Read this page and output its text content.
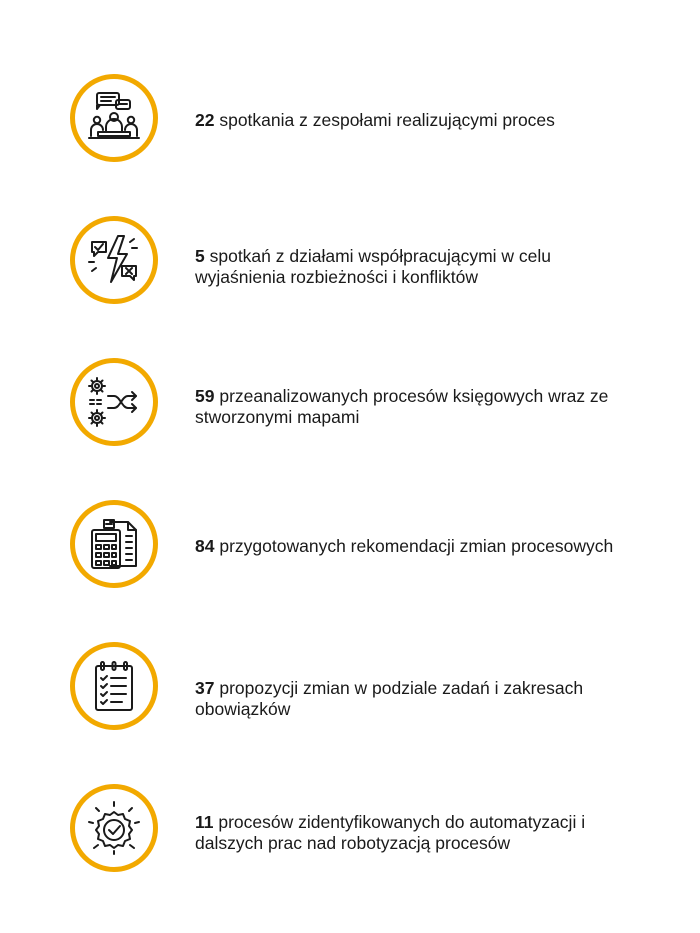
22 spotkania z zespołami realizującymi proces
5 spotkań z działami współpracującymi w celu wyjaśnienia rozbieżności i konfliktów
59 przeanalizowanych procesów księgowych wraz ze stworzonymi mapami
84 przygotowanych rekomendacji zmian procesowych
37 propozycji zmian w podziale zadań i zakresach obowiązków
11 procesów zidentyfikowanych do automatyzacji i dalszych prac nad robotyzacją procesów
